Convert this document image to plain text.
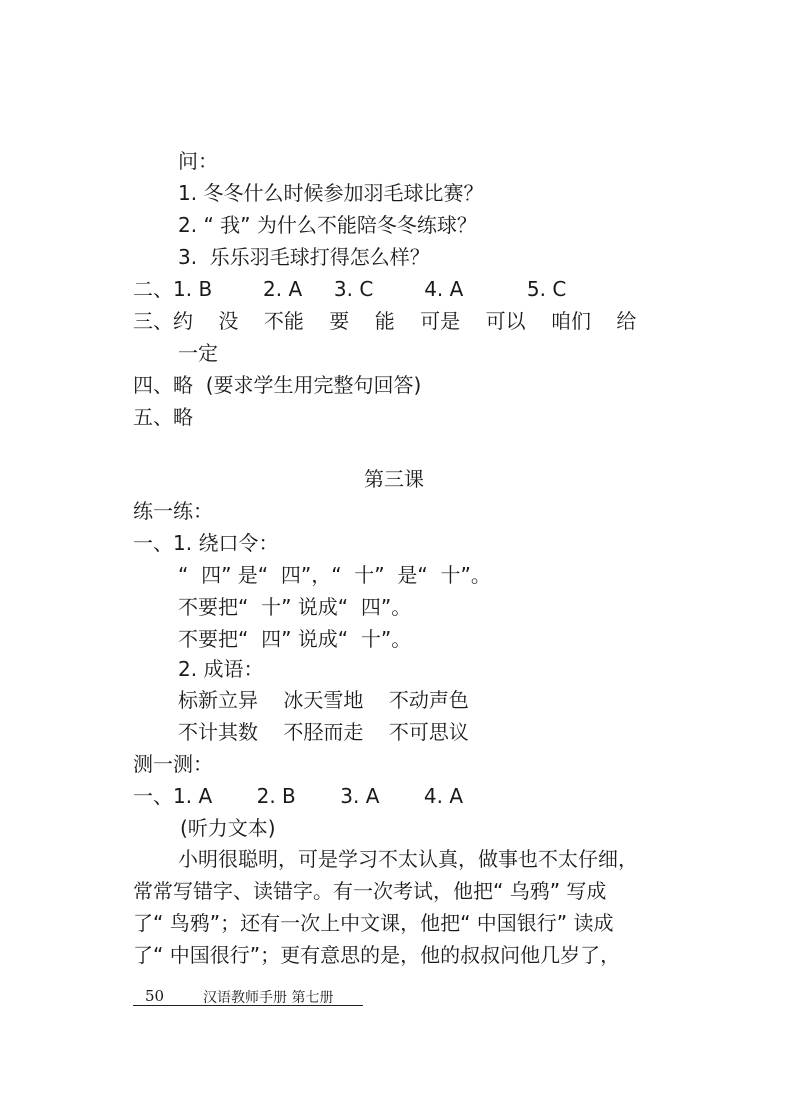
问：

1. 冬冬什么时候参加羽毛球比赛？

2. “ 我” 为什么不能陪冬冬练球？

3.  乐乐羽毛球打得怎么样？

二、1. B        2. A     3. C        4. A          5. C

三、约    没    不能    要    能    可是    可以    咱们    给

一定

四、略  (要求学生用完整句回答)

五、略

第三课

练一练：

一、1. 绕口令：

“  四” 是“  四”，“  十”  是“  十”。

不要把“  十” 说成“  四”。

不要把“  四” 说成“  十”。

2. 成语：

标新立异    冰天雪地    不动声色

不计其数    不胫而走    不可思议

测一测：

一、1. A       2. B       3. A       4. A

(听力文本)

小明很聪明，可是学习不太认真，做事也不太仔细，

常常写错字、读错字。有一次考试，他把“ 乌鸦” 写成

了“ 鸟鸦”；还有一次上中文课，他把“ 中国银行” 读成

了“ 中国很行”；更有意思的是，他的叔叔问他几岁了，

50	汉语教师手册 第七册
